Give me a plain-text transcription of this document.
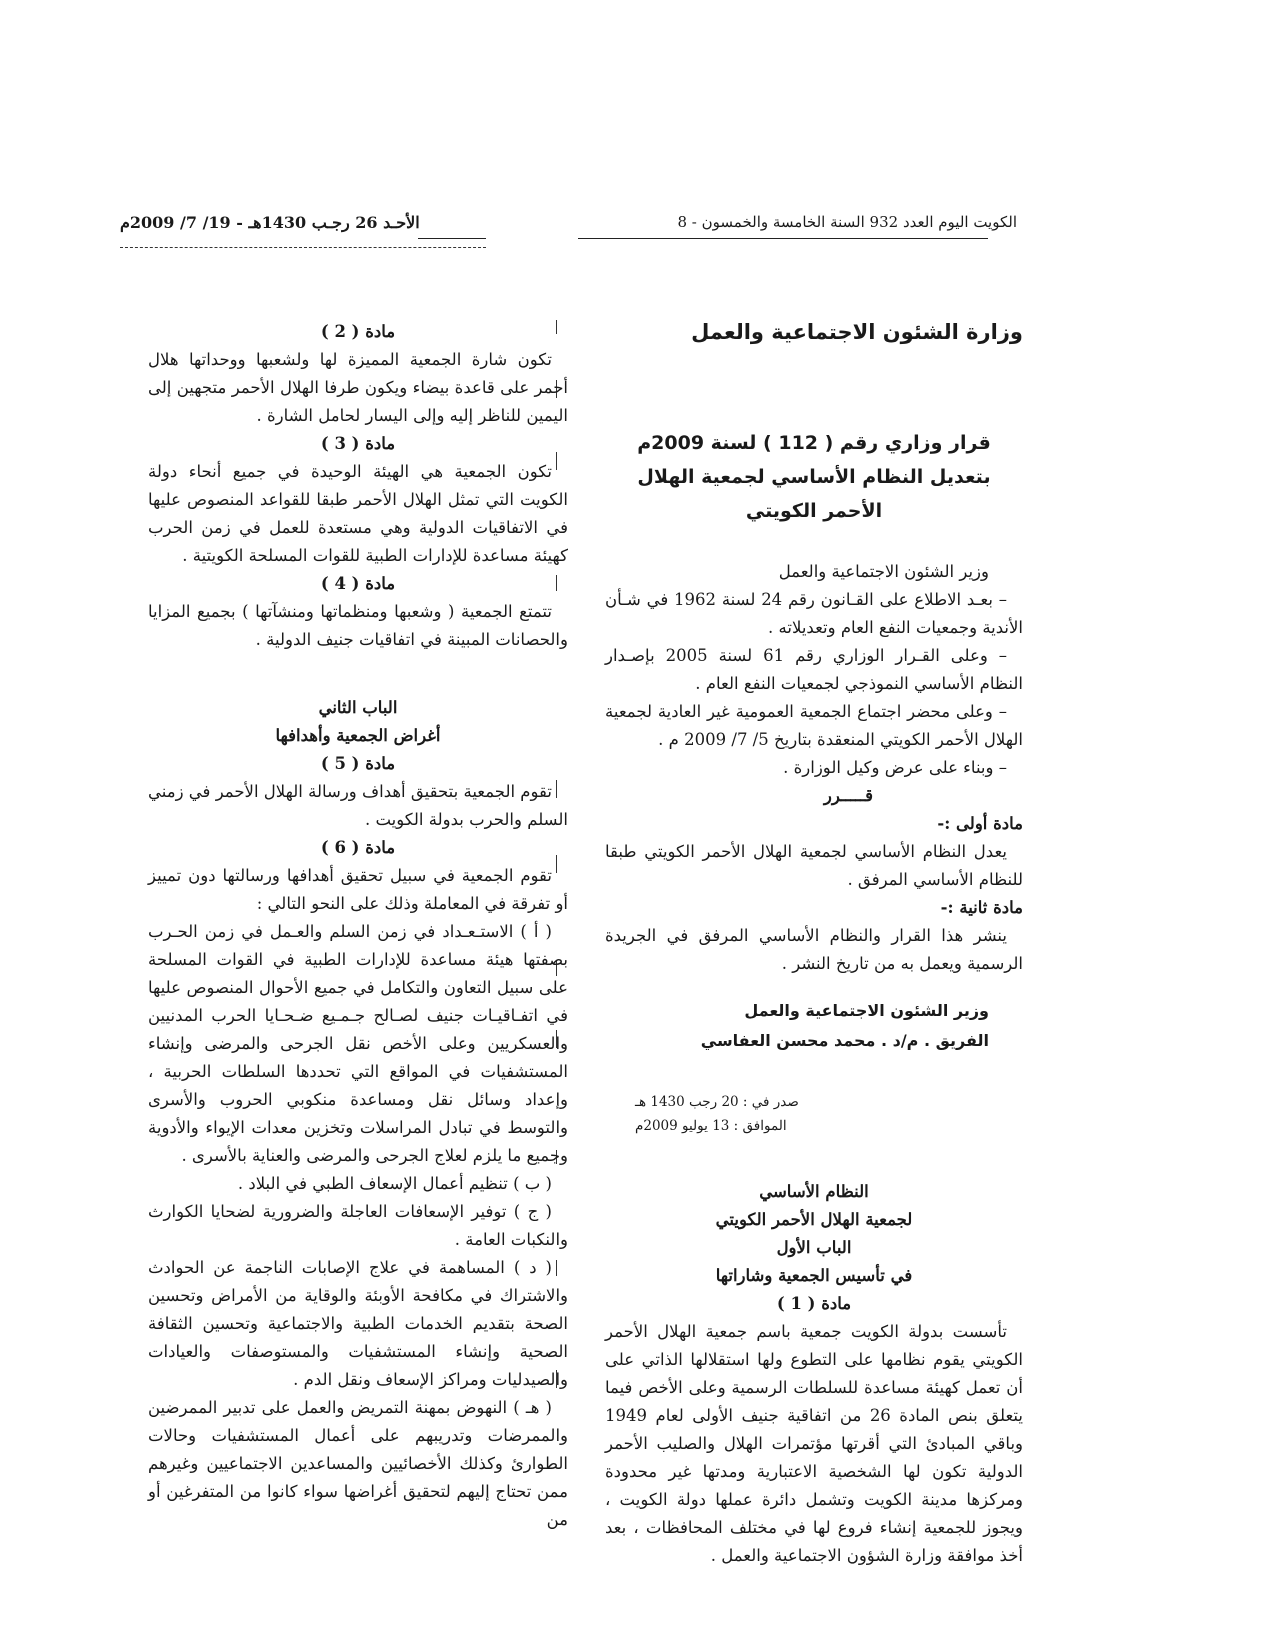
الكويت اليوم العدد 932 السنة الخامسة والخمسون - 8
الأحـد 26 رجـب 1430هـ - 19/ 7/ 2009م

وزارة الشئون الاجتماعية والعمل

قرار وزاري رقم ( 112 ) لسنة 2009م
بتعديل النظام الأساسي لجمعية الهلال الأحمر الكويتي

وزير الشئون الاجتماعية والعمل

– بعـد الاطلاع على القـانون رقم 24 لسنة 1962 في شـأن الأندية وجمعيات النفع العام وتعديلاته .

– وعلى القـرار الوزاري رقم 61 لسنة 2005 بإصـدار النظام الأساسي النموذجي لجمعيات النفع العام .

– وعلى محضر اجتماع الجمعية العمومية غير العادية لجمعية الهلال الأحمر الكويتي المنعقدة بتاريخ 5/ 7/ 2009 م .

– وبناء على عرض وكيل الوزارة .

قـــــرر

مادة أولى :-

يعدل النظام الأساسي لجمعية الهلال الأحمر الكويتي طبقا للنظام الأساسي المرفق .

مادة ثانية :-

ينشر هذا القرار والنظام الأساسي المرفق في الجريدة الرسمية ويعمل به من تاريخ النشر .

وزير الشئون الاجتماعية والعمل
الفريق . م/د . محمد محسن العفاسي
صدر في : 20 رجب 1430 هـ
الموافق : 13 يوليو 2009م

النظام الأساسي

لجمعية الهلال الأحمر الكويتي

الباب الأول

في تأسيس الجمعية وشاراتها

مادة ( 1 )

تأسست بدولة الكويت جمعية باسم جمعية الهلال الأحمر الكويتي يقوم نظامها على التطوع ولها استقلالها الذاتي على أن تعمل كهيئة مساعدة للسلطات الرسمية وعلى الأخص فيما يتعلق بنص المادة 26 من اتفاقية جنيف الأولى لعام 1949 وباقي المبادئ التي أقرتها مؤتمرات الهلال والصليب الأحمر الدولية تكون لها الشخصية الاعتبارية ومدتها غير محدودة ومركزها مدينة الكويت وتشمل دائرة عملها دولة الكويت ، ويجوز للجمعية إنشاء فروع لها في مختلف المحافظات ، بعد أخذ موافقة وزارة الشؤون الاجتماعية والعمل .

مادة ( 2 )

تكون شارة الجمعية المميزة لها ولشعبها ووحداتها هلال أحمر على قاعدة بيضاء ويكون طرفا الهلال الأحمر متجهين إلى اليمين للناظر إليه وإلى اليسار لحامل الشارة .

مادة ( 3 )

تكون الجمعية هي الهيئة الوحيدة في جميع أنحاء دولة الكويت التي تمثل الهلال الأحمر طبقا للقواعد المنصوص عليها في الاتفاقيات الدولية وهي مستعدة للعمل في زمن الحرب كهيئة مساعدة للإدارات الطبية للقوات المسلحة الكويتية .

مادة ( 4 )

تتمتع الجمعية ( وشعبها ومنظماتها ومنشآتها ) بجميع المزايا والحصانات المبينة في اتفاقيات جنيف الدولية .

الباب الثاني

أغراض الجمعية وأهدافها

مادة ( 5 )

تقوم الجمعية بتحقيق أهداف ورسالة الهلال الأحمر في زمني السلم والحرب بدولة الكويت .

مادة ( 6 )

تقوم الجمعية في سبيل تحقيق أهدافها ورسالتها دون تمييز أو تفرقة في المعاملة وذلك على النحو التالي :

( أ ) الاستـعـداد في زمن السلم والعـمل في زمن الحـرب بصفتها هيئة مساعدة للإدارات الطبية في القوات المسلحة على سبيل التعاون والتكامل في جميع الأحوال المنصوص عليها في اتفـاقيـات جنيف لصـالح جـمـيع ضـحـايا الحرب المدنيين والعسكريين وعلى الأخص نقل الجرحى والمرضى وإنشاء المستشفيات في المواقع التي تحددها السلطات الحربية ، وإعداد وسائل نقل ومساعدة منكوبي الحروب والأسرى والتوسط في تبادل المراسلات وتخزين معدات الإيواء والأدوية وجميع ما يلزم لعلاج الجرحى والمرضى والعناية بالأسرى .

( ب ) تنظيم أعمال الإسعاف الطبي في البلاد .

( ج ) توفير الإسعافات العاجلة والضرورية لضحايا الكوارث والنكبات العامة .

( د ) المساهمة في علاج الإصابات الناجمة عن الحوادث والاشتراك في مكافحة الأوبئة والوقاية من الأمراض وتحسين الصحة بتقديم الخدمات الطبية والاجتماعية وتحسين الثقافة الصحية وإنشاء المستشفيات والمستوصفات والعيادات والصيدليات ومراكز الإسعاف ونقل الدم .

( هـ ) النهوض بمهنة التمريض والعمل على تدبير الممرضين والممرضات وتدريبهم على أعمال المستشفيات وحالات الطوارئ وكذلك الأخصائيين والمساعدين الاجتماعيين وغيرهم ممن تحتاج إليهم لتحقيق أغراضها سواء كانوا من المتفرغين أو من
